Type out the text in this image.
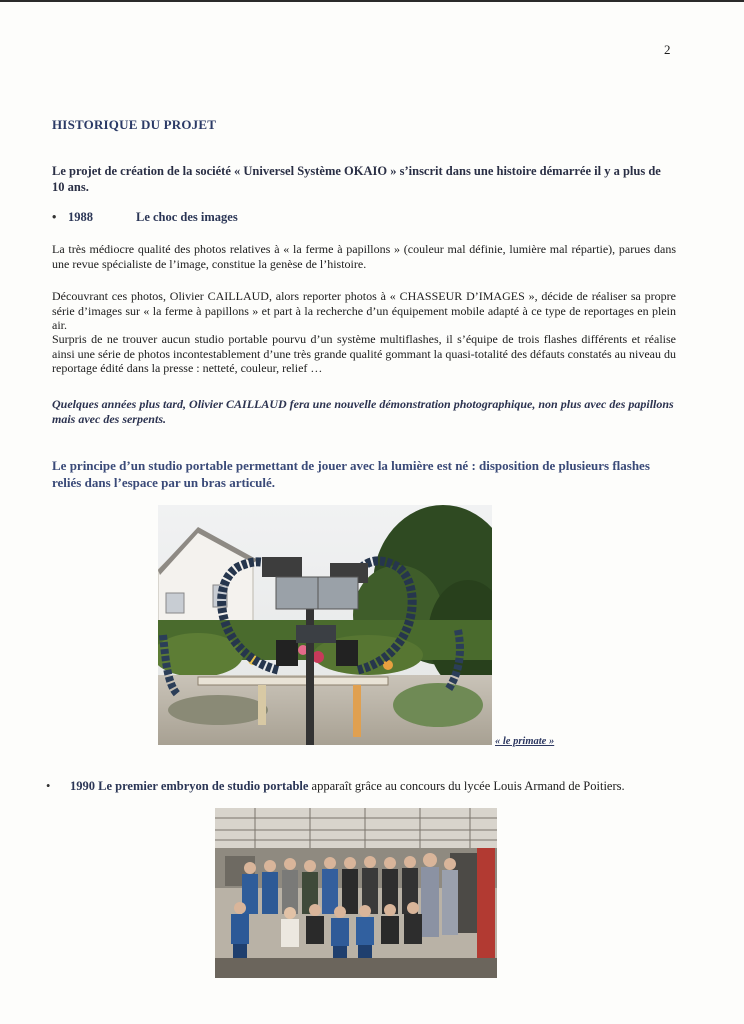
2
HISTORIQUE DU PROJET
Le projet de création de la société « Universel Système OKAIO » s’inscrit dans une histoire démarrée il y a plus de 10 ans.
• 1988	Le choc des images
La très médiocre qualité des photos relatives à « la ferme à papillons » (couleur mal définie, lumière mal répartie), parues dans une revue spécialiste de l’image, constitue la genèse de l’histoire.
Découvrant ces photos, Olivier CAILLAUD, alors reporter photos à « CHASSEUR D’IMAGES », décide de réaliser sa propre série d’images sur « la ferme à papillons » et part à la recherche d’un équipement mobile adapté à ce type de reportages en plein air.
Surpris de ne trouver aucun studio portable pourvu d’un système multiflashes, il s’équipe de trois flashes différents et réalise ainsi une série de photos incontestablement d’une très grande qualité gommant la quasi-totalité des défauts constatés au niveau du reportage édité dans la presse : netteté, couleur, relief …
Quelques années plus tard, Olivier CAILLAUD fera une nouvelle démonstration photographique, non plus avec des papillons mais avec des serpents.
Le principe d’un studio portable permettant de jouer avec la lumière est né : disposition de plusieurs flashes reliés dans l’espace par un bras articulé.
« le primate »
• 1990 Le premier embryon de studio portable apparaît grâce au concours du lycée Louis Armand de Poitiers.
